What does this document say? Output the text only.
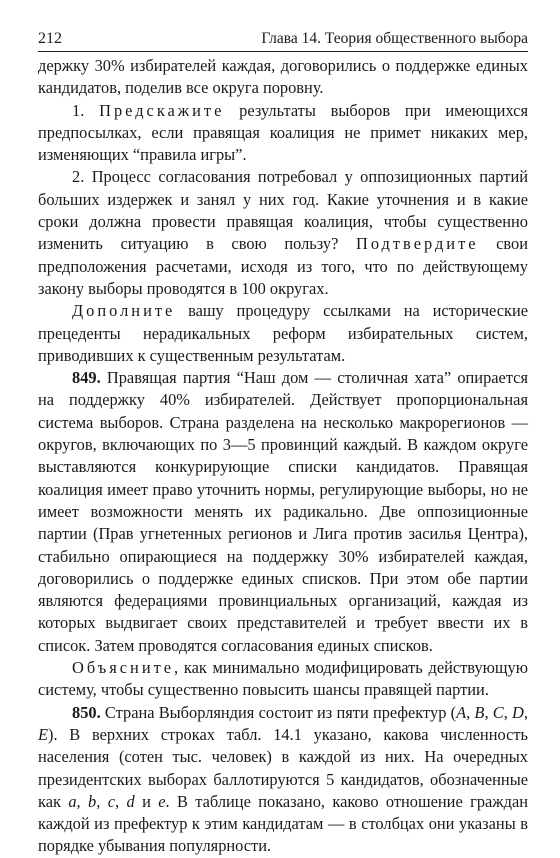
212	Глава 14. Теория общественного выбора

держку 30% избирателей каждая, договорились о поддержке единых кандидатов, поделив все округа поровну.

1. Предскажите результаты выборов при имеющихся предпосылках, если правящая коалиция не примет никаких мер, изменяющих “правила игры”.

2. Процесс согласования потребовал у оппозиционных партий больших издержек и занял у них год. Какие уточнения и в какие сроки должна провести правящая коалиция, чтобы существенно изменить ситуацию в свою пользу? Подтвердите свои предположения расчетами, исходя из того, что по действующему закону выборы проводятся в 100 округах.

Дополните вашу процедуру ссылками на исторические прецеденты нерадикальных реформ избирательных систем, приводивших к существенным результатам.

849. Правящая партия “Наш дом — столичная хата” опирается на поддержку 40% избирателей. Действует пропорциональная система выборов. Страна разделена на несколько макрорегионов — округов, включающих по 3—5 провинций каждый. В каждом округе выставляются конкурирующие списки кандидатов. Правящая коалиция имеет право уточнить нормы, регулирующие выборы, но не имеет возможности менять их радикально. Две оппозиционные партии (Прав угнетенных регионов и Лига против засилья Центра), стабильно опирающиеся на поддержку 30% избирателей каждая, договорились о поддержке единых списков. При этом обе партии являются федерациями провинциальных организаций, каждая из которых выдвигает своих представителей и требует ввести их в список. Затем проводятся согласования единых списков.

Объясните, как минимально модифицировать действующую систему, чтобы существенно повысить шансы правящей партии.

850. Страна Выборляндия состоит из пяти префектур (A, B, C, D, E). В верхних строках табл. 14.1 указано, какова численность населения (сотен тыс. человек) в каждой из них. На очередных президентских выборах баллотируются 5 кандидатов, обозначенные как a, b, c, d и e. В таблице показано, каково отношение граждан каждой из префектур к этим кандидатам — в столбцах они указаны в порядке убывания популярности.
